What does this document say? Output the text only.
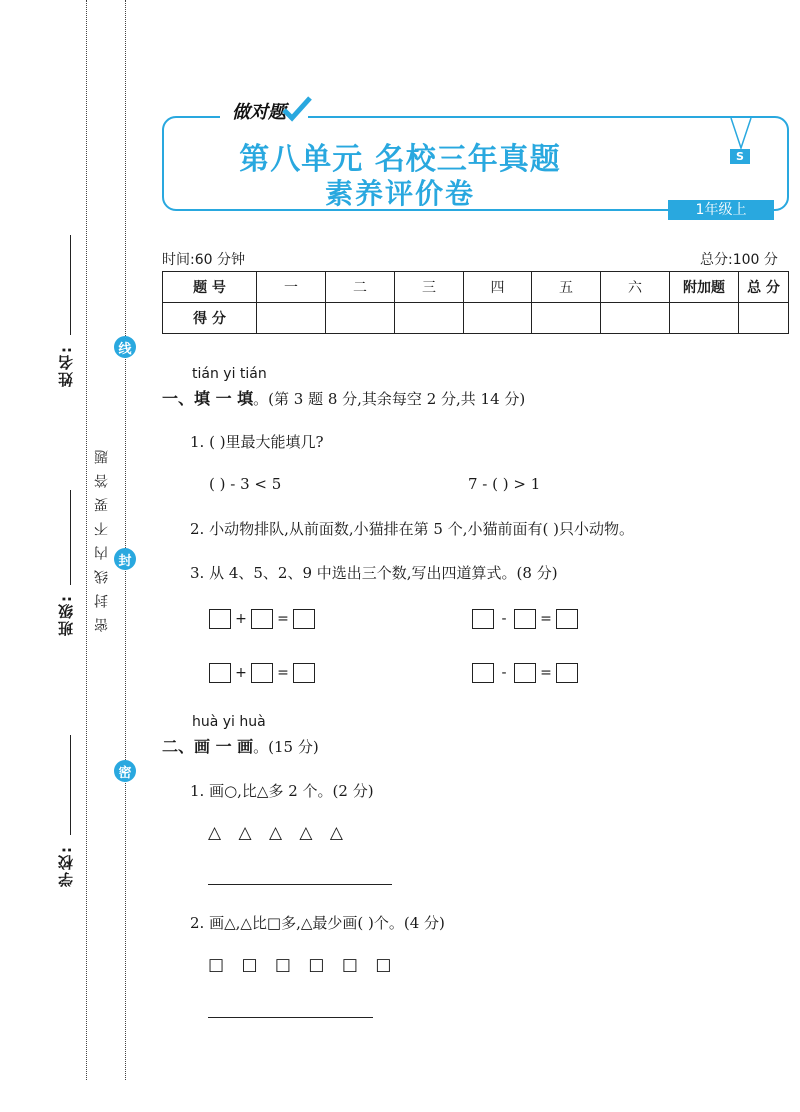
姓名:
班级:
学校:
线
封
密
密封线内不要答题
做对题
第八单元 名校三年真题
素养评价卷
S
1年级上
时间:60 分钟	总分:100 分
题 号	一	二	三	四	五	六	附加题	总 分
得 分								
tián yi tián
一、填 一 填。(第 3 题 8 分,其余每空 2 分,共 14 分)
1. ( )里最大能填几?
( ) - 3 < 5	7 - ( ) > 1
2. 小动物排队,从前面数,小猫排在第 5 个,小猫前面有( )只小动物。
3. 从 4、5、2、9 中选出三个数,写出四道算式。(8 分)
+ =	- =
+ =	- =
huà yi huà
二、画 一 画。(15 分)
1. 画○,比△多 2 个。(2 分)
△ △ △ △ △
2. 画△,△比□多,△最少画( )个。(4 分)
□ □ □ □ □ □
